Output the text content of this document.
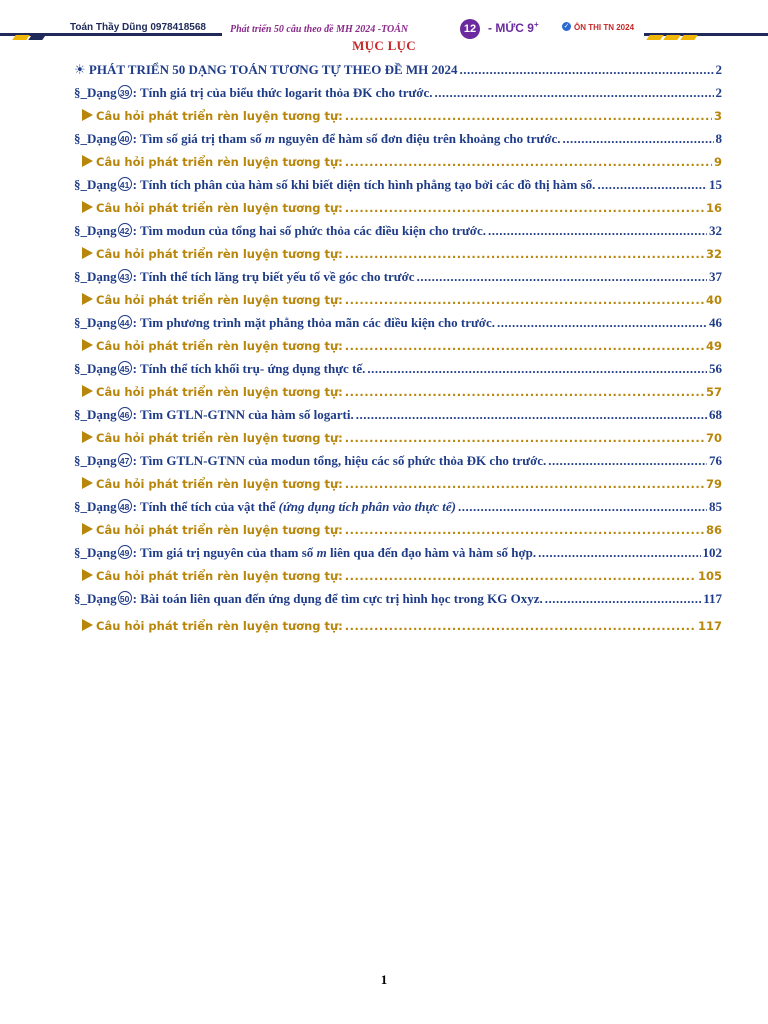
Toán Thầy Dũng 0978418568 Phát triển 50 câu theo đề MH 2024 -TOÁN	12 - MỨC 9+	✓ ÔN THI TN 2024
MỤC LỤC
☀ PHÁT TRIỂN 50 DẠNG TOÁN TƯƠNG TỰ THEO ĐỀ MH 2024 .....	2
§_Dạng 39 : Tính giá trị của biểu thức logarit thỏa ĐK cho trước. .....	2
Câu hỏi phát triển rèn luyện tương tự: .....	3
§_Dạng 40 : Tìm số giá trị tham số m nguyên để hàm số đơn điệu trên khoảng cho trước. .....	8
Câu hỏi phát triển rèn luyện tương tự: .....	9
§_Dạng 41 : Tính tích phân của hàm số khi biết diện tích hình phẳng tạo bởi các đồ thị hàm số. .....	15
Câu hỏi phát triển rèn luyện tương tự: .....	16
§_Dạng 42 : Tìm modun của tổng hai số phức thỏa các điều kiện cho trước. .....	32
Câu hỏi phát triển rèn luyện tương tự: .....	32
§_Dạng 43 : Tính thể tích lăng trụ biết yếu tố về góc cho trước .....	37
Câu hỏi phát triển rèn luyện tương tự: .....	40
§_Dạng 44 : Tìm phương trình mặt phẳng thỏa mãn các điều kiện cho trước. .....	46
Câu hỏi phát triển rèn luyện tương tự: .....	49
§_Dạng 45 : Tính thể tích khối trụ- ứng dụng thực tế. .....	56
Câu hỏi phát triển rèn luyện tương tự: .....	57
§_Dạng 46 : Tìm GTLN-GTNN của hàm số logarti. .....	68
Câu hỏi phát triển rèn luyện tương tự: .....	70
§_Dạng 47 : Tìm GTLN-GTNN của modun tổng, hiệu các số phức thỏa ĐK cho trước. .....	76
Câu hỏi phát triển rèn luyện tương tự: .....	79
§_Dạng 48 : Tính thể tích của vật thể (ứng dụng tích phân vào thực tế) .....	85
Câu hỏi phát triển rèn luyện tương tự: .....	86
§_Dạng 49 : Tìm giá trị nguyên của tham số m liên qua đến đạo hàm và hàm số hợp. .....	102
Câu hỏi phát triển rèn luyện tương tự: .....	105
§_Dạng 50 : Bài toán liên quan đến ứng dụng để tìm cực trị hình học trong KG Oxyz. .....	117
Câu hỏi phát triển rèn luyện tương tự: .....	117
1
